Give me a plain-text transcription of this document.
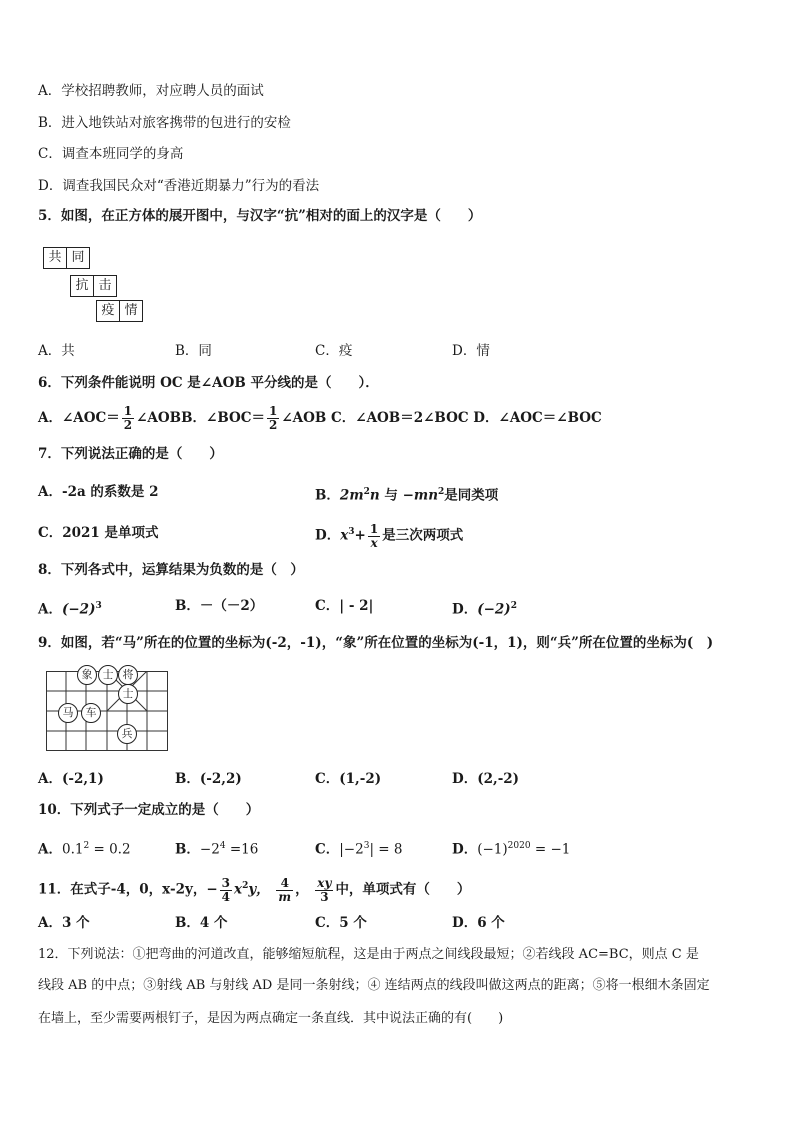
A．学校招聘教师，对应聘人员的面试
B．进入地铁站对旅客携带的包进行的安检
C．调查本班同学的身高
D．调查我国民众对“香港近期暴力”行为的看法
5．如图，在正方体的展开图中，与汉字“抗”相对的面上的汉字是（　　）
共 同
抗 击
疫 情
A．共	B．同	C．疫	D．情
6．下列条件能说明 OC 是∠AOB 平分线的是（　　）．
A．∠AOC＝ $\frac{1}{2}$ ∠AOBB．∠BOC＝ $\frac{1}{2}$ ∠AOB C．∠AOB＝2∠BOC D．∠AOC＝∠BOC
7．下列说法正确的是（　　）
A．-2a 的系数是 2	B．$2m^2n$ 与 $-mn^2$是同类项
C．2021 是单项式	D．$x^3+ \frac{1}{x}$ 是三次两项式
8．下列各式中，运算结果为负数的是（　）
A．$(-2)^3$	B．－（－2）	C．| - 2|	D．$(-2)^2$
9．如图，若“马”所在的位置的坐标为(-2，-1)，“象”所在位置的坐标为(-1，1)，则“兵”所在位置的坐标为(　)
象 士 将
士
马	车
兵
A．(-2,1)	B．(-2,2)	C．(1,-2)	D．(2,-2)
10．下列式子一定成立的是（　　）
A．$0.1^2 = 0.2$	B．$-2^4 =16$	C．$|-2^3| = 8$	D．$(-1)^{2020} = -1$
11．在式子-4，0，x-2y，− $\frac{3}{4} x^2y$， $\frac{4}{m}$ ， $\frac{xy}{3}$ 中，单项式有（　　）
A．3 个	B．4 个	C．5 个	D．6 个
12．下列说法：①把弯曲的河道改直，能够缩短航程，这是由于两点之间线段最短；②若线段 AC=BC，则点 C 是
线段 AB 的中点；③射线 AB 与射线 AD 是同一条射线；④ 连结两点的线段叫做这两点的距离；⑤将一根细木条固定
在墙上，至少需要两根钉子，是因为两点确定一条直线．其中说法正确的有(　　)
